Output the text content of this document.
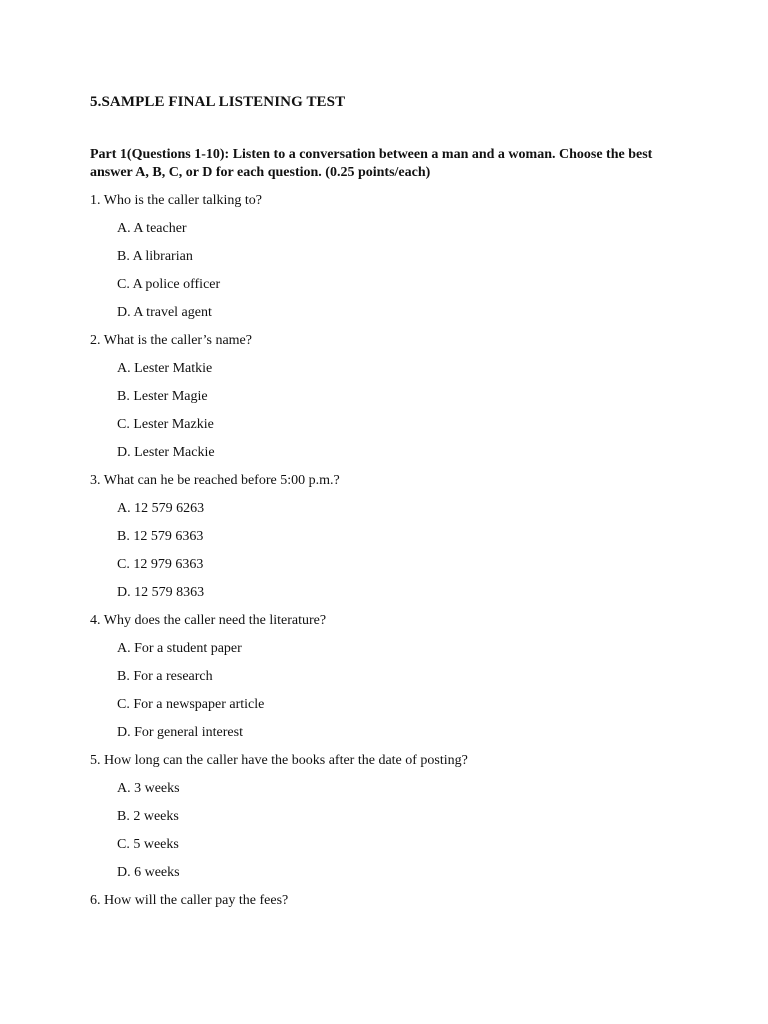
5.SAMPLE FINAL LISTENING TEST
Part 1(Questions 1-10): Listen to a conversation between a man and a woman. Choose the best answer A, B, C, or D for each question. (0.25 points/each)
1. Who is the caller talking to?
A. A teacher
B. A librarian
C. A police officer
D. A travel agent
2. What is the caller’s name?
A. Lester Matkie
B. Lester Magie
C. Lester Mazkie
D. Lester Mackie
3. What can he be reached before 5:00 p.m.?
A. 12 579 6263
B. 12 579 6363
C. 12 979 6363
D. 12 579 8363
4. Why does the caller need the literature?
A. For a student paper
B. For a research
C. For a newspaper article
D. For general interest
5. How long can the caller have the books after the date of posting?
A. 3 weeks
B. 2 weeks
C. 5 weeks
D. 6 weeks
6. How will the caller pay the fees?
